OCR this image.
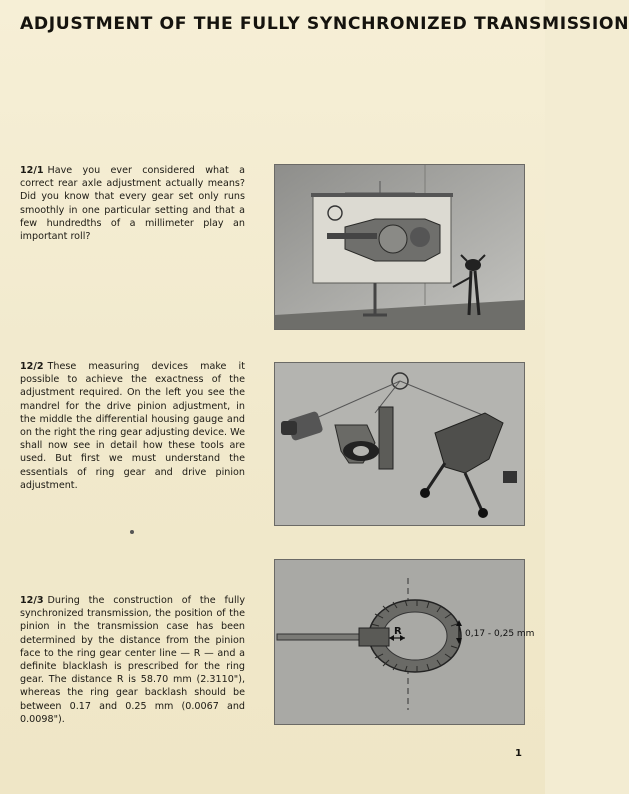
ADJUSTMENT OF THE FULLY SYNCHRONIZED TRANSMISSION
12/1 Have you ever considered what a correct rear axle adjustment actually means? Did you know that every gear set only runs smoothly in one particular setting and that a few hundredths of a millimeter play an important roll?
12/2 These measuring devices make it possible to achieve the exactness of the adjustment required. On the left you see the mandrel for the drive pinion adjustment, in the middle the differential housing gauge and on the right the ring gear adjusting device. We shall now see in detail how these tools are used. But first we must understand the essentials of ring gear and drive pinion adjustment.
12/3 During the construction of the fully synchronized transmission, the position of the pinion in the transmission case has been determined by the distance from the pinion face to the ring gear center line — R — and a definite blacklash is prescribed for the ring gear. The distance R is 58.70 mm (2.3110"), whereas the ring gear backlash should be between 0.17 and 0.25 mm (0.0067 and 0.0098").
R	0,17 - 0,25 mm
1
